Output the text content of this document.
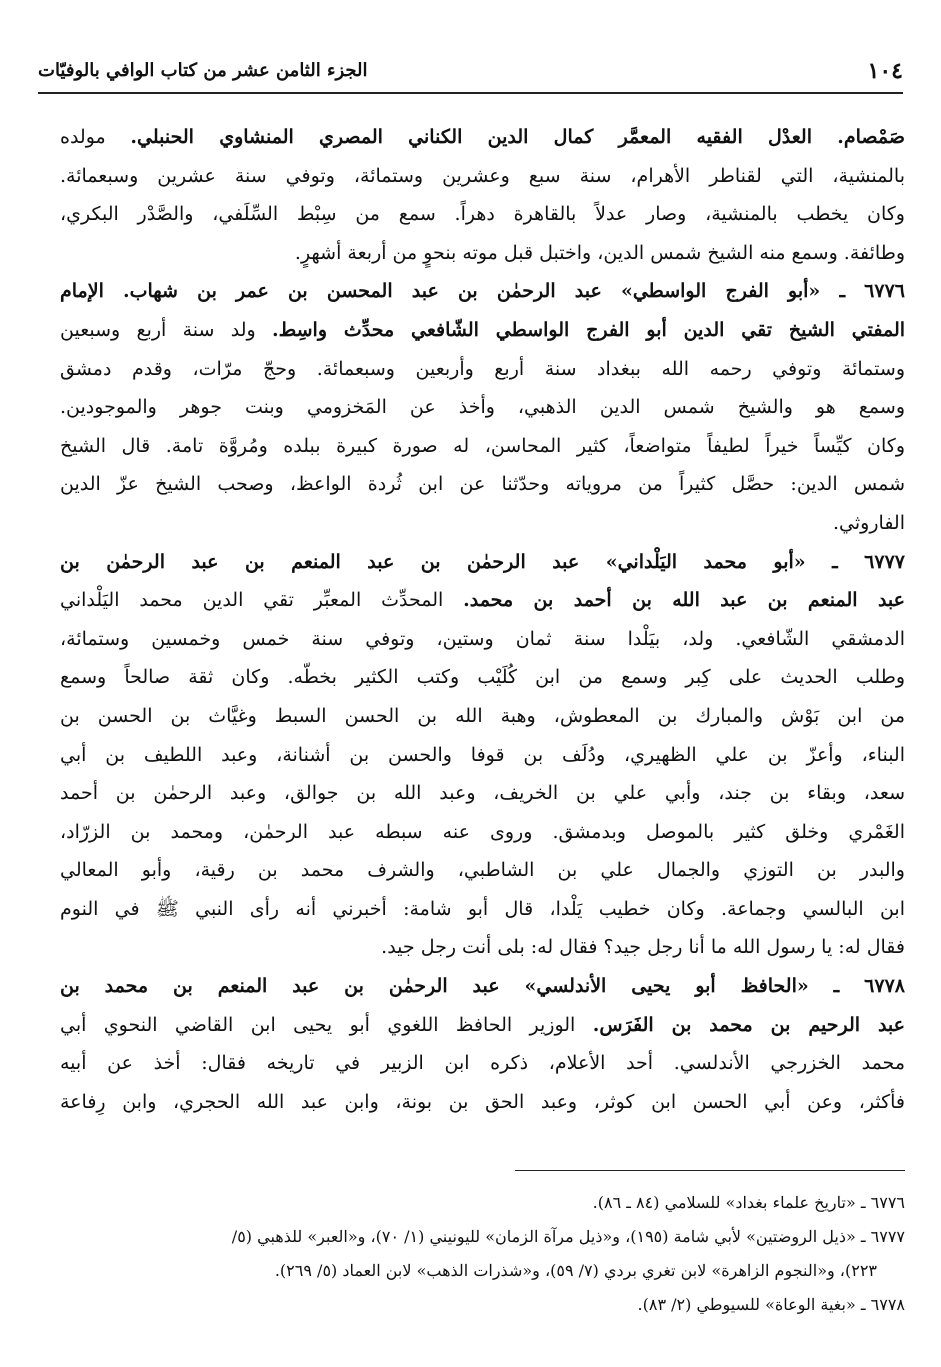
١٠٤
الجزء الثامن عشر من كتاب الوافي بالوفيّات
صَمْصام. العدْل الفقيه المعمَّر كمال الدين الكناني المصري المنشاوي الحنبلي. مولده
بالمنشية، التي لقناطر الأهرام، سنة سبع وعشرين وستمائة، وتوفي سنة عشرين وسبعمائة.
وكان يخطب بالمنشية، وصار عدلاً بالقاهرة دهراً. سمع من سِبْط السِّلَفي، والصَّدْر البكري،
وطائفة. وسمع منه الشيخ شمس الدين، واختبل قبل موته بنحوٍ من أربعة أشهرٍ.
٦٧٧٦ ـ «أبو الفرج الواسطي» عبد الرحمٰن بن عبد المحسن بن عمر بن شهاب. الإمام
المفتي الشيخ تقي الدين أبو الفرج الواسطي الشّافعي محدِّث واسِط. ولد سنة أربع وسبعين
وستمائة وتوفي رحمه الله ببغداد سنة أربع وأربعين وسبعمائة. وحجّ مرّات، وقدم دمشق
وسمع هو والشيخ شمس الدين الذهبي، وأخذ عن المَخزومي وبنت جوهر والموجودين.
وكان كيِّساً خيراً لطيفاً متواضعاً، كثير المحاسن، له صورة كبيرة ببلده ومُروَّة تامة. قال الشيخ
شمس الدين: حصَّل كثيراً من مروياته وحدّثنا عن ابن ثُردة الواعظ، وصحب الشيخ عزّ الدين
الفاروثي.
٦٧٧٧ ـ «أبو محمد اليَلْداني» عبد الرحمٰن بن عبد المنعم بن عبد الرحمٰن بن
عبد المنعم بن عبد الله بن أحمد بن محمد. المحدِّث المعبِّر تقي الدين محمد اليَلْداني
الدمشقي الشّافعي. ولد، بيَلْدا سنة ثمان وستين، وتوفي سنة خمس وخمسين وستمائة،
وطلب الحديث على كِبر وسمع من ابن كُلَيْب وكتب الكثير بخطّه. وكان ثقة صالحاً وسمع
من ابن بَوْش والمبارك بن المعطوش، وهبة الله بن الحسن السبط وغيَّاث بن الحسن بن
البناء، وأعزّ بن علي الظهيري، ودُلَف بن قوفا والحسن بن أشنانة، وعبد اللطيف بن أبي
سعد، وبقاء بن جند، وأبي علي بن الخريف، وعبد الله بن جوالق، وعبد الرحمٰن بن أحمد
الغَمْري وخلق كثير بالموصل وبدمشق. وروى عنه سبطه عبد الرحمٰن، ومحمد بن الزرّاد،
والبدر بن التوزي والجمال علي بن الشاطبي، والشرف محمد بن رقية، وأبو المعالي
ابن البالسي وجماعة. وكان خطيب يَلْدا، قال أبو شامة: أخبرني أنه رأى النبي ﷺ في النوم
فقال له: يا رسول الله ما أنا رجل جيد؟ فقال له: بلى أنت رجل جيد.
٦٧٧٨ ـ «الحافظ أبو يحيى الأندلسي» عبد الرحمٰن بن عبد المنعم بن محمد بن
عبد الرحيم بن محمد بن الفَرَس. الوزير الحافظ اللغوي أبو يحيى ابن القاضي النحوي أبي
محمد الخزرجي الأندلسي. أحد الأعلام، ذكره ابن الزبير في تاريخه فقال: أخذ عن أبيه
فأكثر، وعن أبي الحسن ابن كوثر، وعبد الحق بن بونة، وابن عبد الله الحجري، وابن رِفاعة
٦٧٧٦ ـ «تاريخ علماء بغداد» للسلامي (٨٤ ـ ٨٦).
٦٧٧٧ ـ «ذيل الروضتين» لأبي شامة (١٩٥)، و«ذيل مرآة الزمان» لليونيني (١/ ٧٠)، و«العبر» للذهبي (٥/
٢٢٣)، و«النجوم الزاهرة» لابن تغري بردي (٧/ ٥٩)، و«شذرات الذهب» لابن العماد (٥/ ٢٦٩).
٦٧٧٨ ـ «بغية الوعاة» للسيوطي (٢/ ٨٣).
